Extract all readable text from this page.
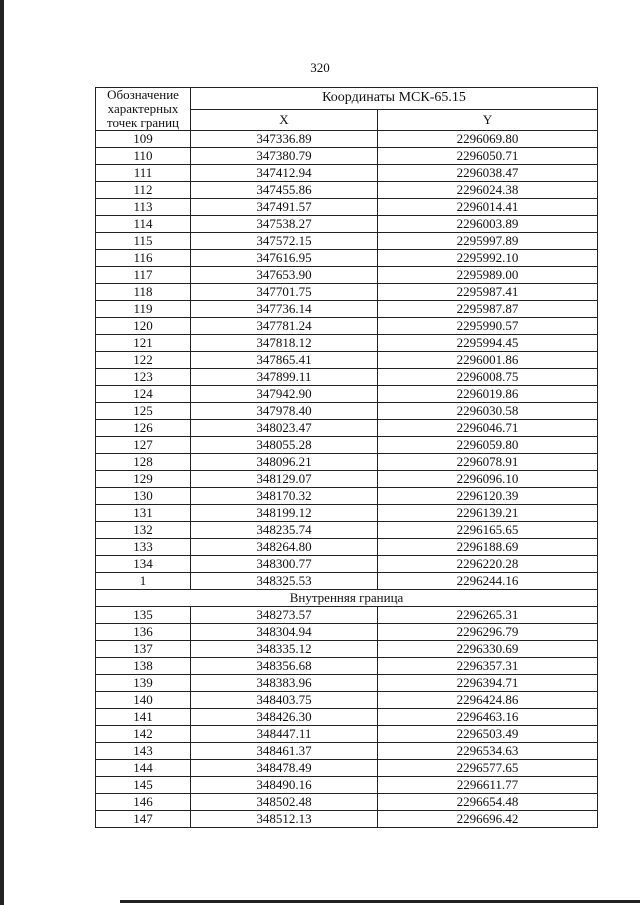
320
Обозначение характерных точек границ	Координаты МСК-65.15	
	X	Y
109	347336.89	2296069.80
110	347380.79	2296050.71
111	347412.94	2296038.47
112	347455.86	2296024.38
113	347491.57	2296014.41
114	347538.27	2296003.89
115	347572.15	2295997.89
116	347616.95	2295992.10
117	347653.90	2295989.00
118	347701.75	2295987.41
119	347736.14	2295987.87
120	347781.24	2295990.57
121	347818.12	2295994.45
122	347865.41	2296001.86
123	347899.11	2296008.75
124	347942.90	2296019.86
125	347978.40	2296030.58
126	348023.47	2296046.71
127	348055.28	2296059.80
128	348096.21	2296078.91
129	348129.07	2296096.10
130	348170.32	2296120.39
131	348199.12	2296139.21
132	348235.74	2296165.65
133	348264.80	2296188.69
134	348300.77	2296220.28
1	348325.53	2296244.16
Внутренняя граница		
135	348273.57	2296265.31
136	348304.94	2296296.79
137	348335.12	2296330.69
138	348356.68	2296357.31
139	348383.96	2296394.71
140	348403.75	2296424.86
141	348426.30	2296463.16
142	348447.11	2296503.49
143	348461.37	2296534.63
144	348478.49	2296577.65
145	348490.16	2296611.77
146	348502.48	2296654.48
147	348512.13	2296696.42
